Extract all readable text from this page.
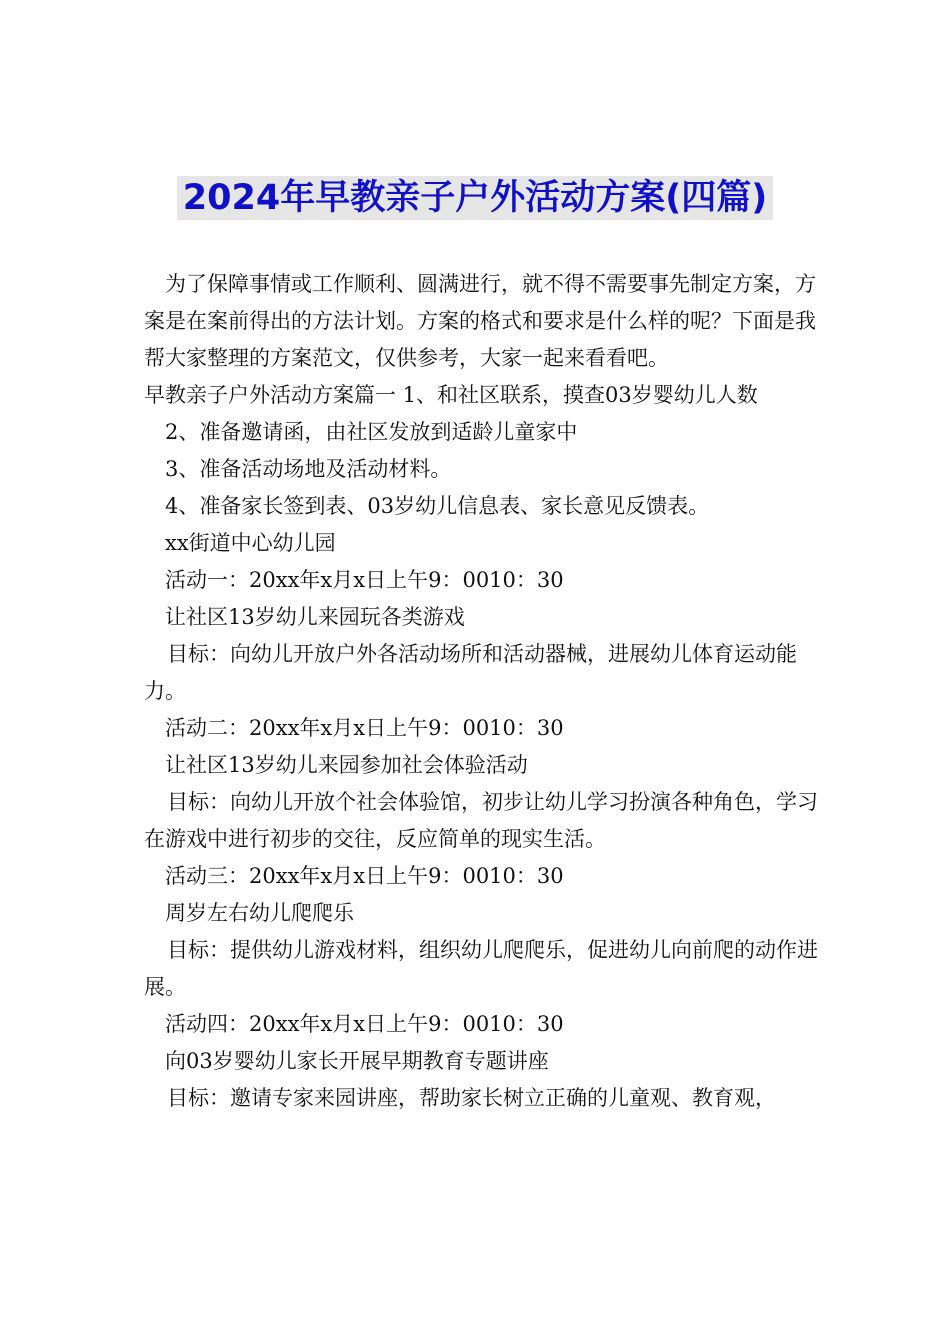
2024年早教亲子户外活动方案(四篇)

为了保障事情或工作顺利、圆满进行，就不得不需要事先制定方案，方案是在案前得出的方法计划。方案的格式和要求是什么样的呢？下面是我帮大家整理的方案范文，仅供参考，大家一起来看看吧。

早教亲子户外活动方案篇一 1、和社区联系，摸查03岁婴幼儿人数

2、准备邀请函，由社区发放到适龄儿童家中

3、准备活动场地及活动材料。

4、准备家长签到表、03岁幼儿信息表、家长意见反馈表。

xx街道中心幼儿园

活动一：20xx年x月x日上午9：0010：30

让社区13岁幼儿来园玩各类游戏

目标：向幼儿开放户外各活动场所和活动器械，进展幼儿体育运动能力。

活动二：20xx年x月x日上午9：0010：30

让社区13岁幼儿来园参加社会体验活动

目标：向幼儿开放个社会体验馆，初步让幼儿学习扮演各种角色，学习在游戏中进行初步的交往，反应简单的现实生活。

活动三：20xx年x月x日上午9：0010：30

周岁左右幼儿爬爬乐

目标：提供幼儿游戏材料，组织幼儿爬爬乐，促进幼儿向前爬的动作进展。

活动四：20xx年x月x日上午9：0010：30

向03岁婴幼儿家长开展早期教育专题讲座

目标：邀请专家来园讲座，帮助家长树立正确的儿童观、教育观，
